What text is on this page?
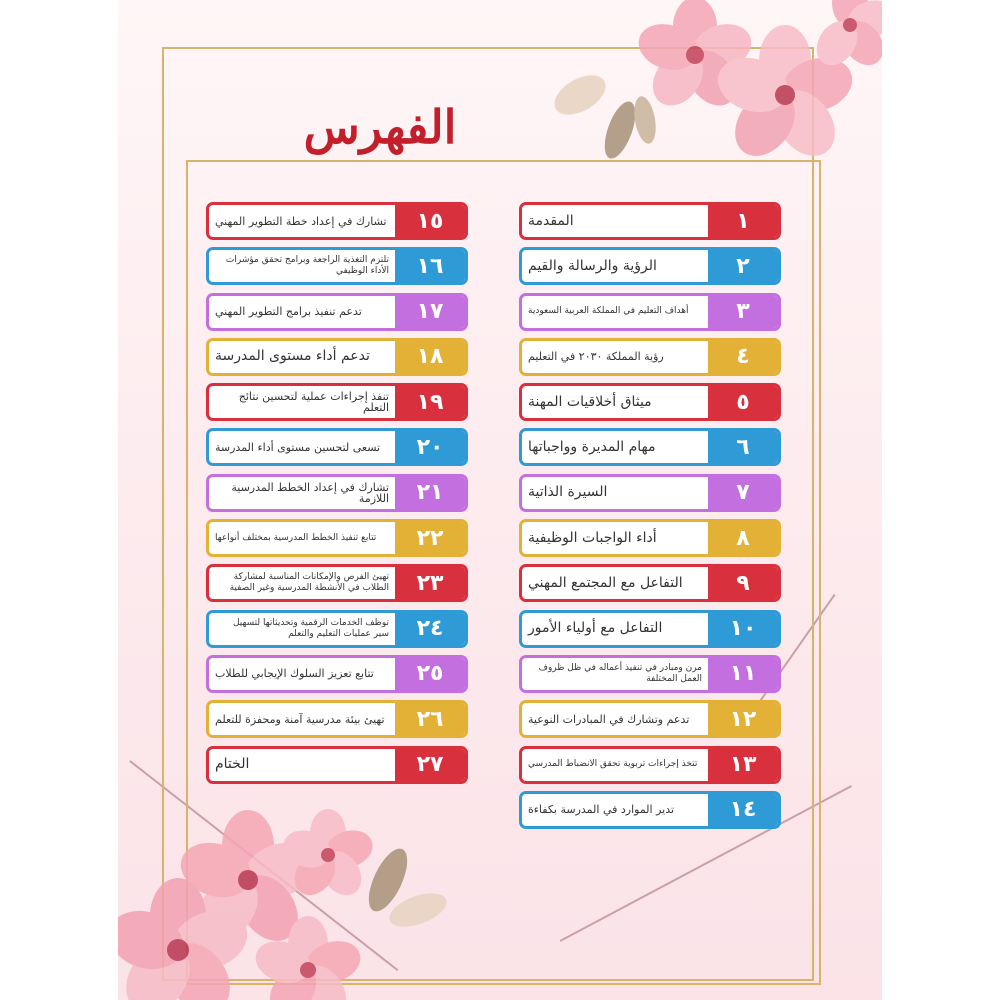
الفهرس
المقدمة	١
الرؤية والرسالة والقيم	٢
أهداف التعليم في المملكة العربية السعودية	٣
رؤية المملكة ٢٠٣٠ في التعليم	٤
ميثاق أخلاقيات المهنة	٥
مهام المديرة وواجباتها	٦
السيرة الذاتية	٧
أداء الواجبات الوظيفية	٨
التفاعل مع المجتمع المهني	٩
التفاعل مع أولياء الأمور	١٠
مرن ومبادر في تنفيذ أعماله في ظل ظروف العمل المختلفة	١١
تدعم وتشارك في المبادرات النوعية	١٢
تتخذ إجراءات تربوية تحقق الانضباط المدرسي	١٣
تدير الموارد في المدرسة بكفاءة	١٤
تشارك في إعداد خطة التطوير المهني	١٥
تلتزم التغذية الراجعة وبرامج تحقق مؤشرات الأداء الوظيفي	١٦
تدعم تنفيذ برامج التطوير المهني	١٧
تدعم أداء مستوى المدرسة	١٨
تنفذ إجراءات عملية لتحسين نتائج التعلم	١٩
تسعى لتحسين مستوى أداء المدرسة	٢٠
تشارك في إعداد الخطط المدرسية اللازمة	٢١
تتابع تنفيذ الخطط المدرسية بمختلف أنواعها	٢٢
تهيئ الفرص والإمكانات المناسبة لمشاركة الطلاب في الأنشطة المدرسية وغير الصفية	٢٣
توظف الخدمات الرقمية وتحديثاتها لتسهيل سير عمليات التعليم والتعلم	٢٤
تتابع تعزيز السلوك الإيجابي للطلاب	٢٥
تهيئ بيئة مدرسية آمنة ومحفزة للتعلم	٢٦
الختام	٢٧
